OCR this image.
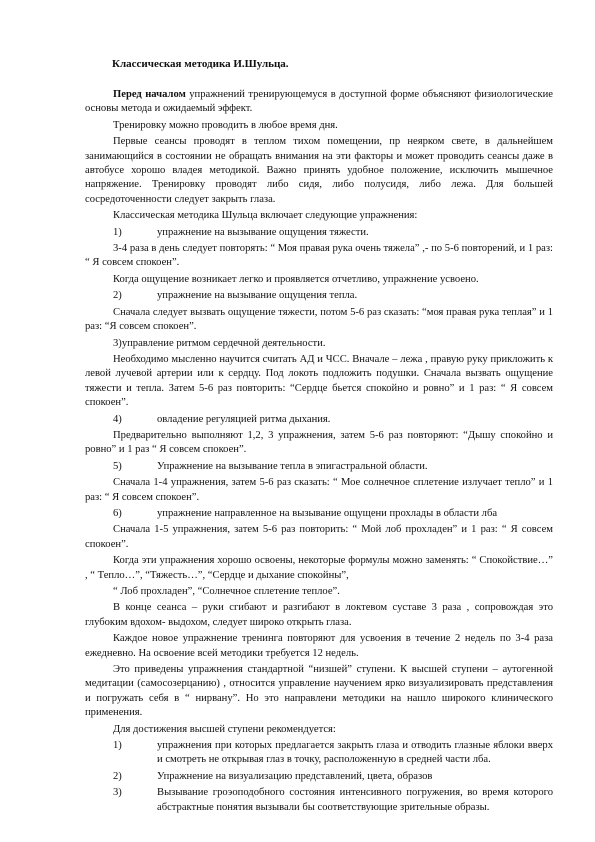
Классическая методика И.Шульца.

Перед началом упражнений тренирующемуся в доступной форме объясняют физиологические основы метода и ожидаемый эффект.

Тренировку можно проводить в любое время дня.

Первые сеансы проводят в теплом тихом помещении, пр неярком свете, в дальнейшем занимающийся в состоянии не обращать внимания на эти факторы и может проводить сеансы даже в автобусе хорошо владея методикой. Важно принять удобное положение, исключить мышечное напряжение. Тренировку проводят либо сидя, либо полусидя, либо лежа. Для большей сосредоточенности следует закрыть глаза.

Классическая методика Шульца включает следующие упражнения:

1)	упражнение на вызывание ощущения тяжести.

3-4 раза в день следует повторять: “ Моя правая рука очень тяжела” ,- по 5-6 повторений, и 1 раз: “ Я совсем спокоен”.

Когда ощущение возникает легко и проявляется отчетливо, упражнение усвоено.

2)	упражнение на вызывание ощущения тепла.

Сначала следует вызвать ощущение тяжести, потом 5-6 раз сказать: “моя правая рука теплая” и 1 раз: “Я совсем спокоен”.

3)управление ритмом сердечной деятельности.

Необходимо мысленно научится считать АД и ЧСС. Вначале – лежа , правую руку прикложить к левой лучевой артерии или к сердцу. Под локоть подложить подушки. Сначала вызвать ощущение тяжести и тепла. Затем 5-6 раз повторить: “Сердце бьется спокойно и ровно” и 1 раз: “ Я совсем спокоен”.

4)	овладение регуляцией ритма дыхания.

Предварительно выполняют 1,2, 3 упражнения, затем 5-6 раз повторяют: “Дышу спокойно и ровно” и 1 раз “ Я совсем спокоен”.

5)	Упражнение на вызывание тепла в эпигастральной области.

Сначала 1-4 упражнения, затем 5-6 раз сказать: “ Мое солнечное сплетение излучает тепло” и 1 раз: “ Я совсем спокоен”.

6)	упражнение направленное на вызывание ощущени прохлады в области лба

Сначала 1-5 упражнения, затем 5-6 раз повторить: “ Мой лоб прохладен” и 1 раз: “ Я совсем спокоен”.

Когда эти упражнения хорошо освоены, некоторые формулы можно заменять: “ Спокойствие…” , “ Тепло…”, “Тяжесть…”, “Сердце и дыхание спокойны”,

“ Лоб прохладен”, “Солнечное сплетение теплое”.

В конце сеанса – руки сгибают и разгибают в локтевом суставе 3 раза , сопровождая это глубоким вдохом- выдохом, следует широко открыть глаза.

Каждое новое упражнение тренинга повторяют для усвоения в течение 2 недель по 3-4 раза ежедневно. На освоение всей методики требуется 12 недель.

Это приведены упражнения стандартной “низшей” ступени. К высшей ступени – аутогенной медитации (самосозерцанию) , относится управление научением ярко визуализировать представления и погружать себя в “ нирвану”. Но это направлени методики на нашло широкого клинического применения.

Для достижения высшей ступени рекомендуется:

1)	упражнения при которых предлагается закрыть глаза и отводить глазные яблоки вверх и смотреть не открывая глаз в точку, расположенную в средней части лба.
2)	Упражнение на визуализацию представлений, цвета, образов
3)	Вызывание гроэоподобного состояния интенсивного погружения, во время которого абстрактные понятия вызывали бы соответствующие зрительные образы.
